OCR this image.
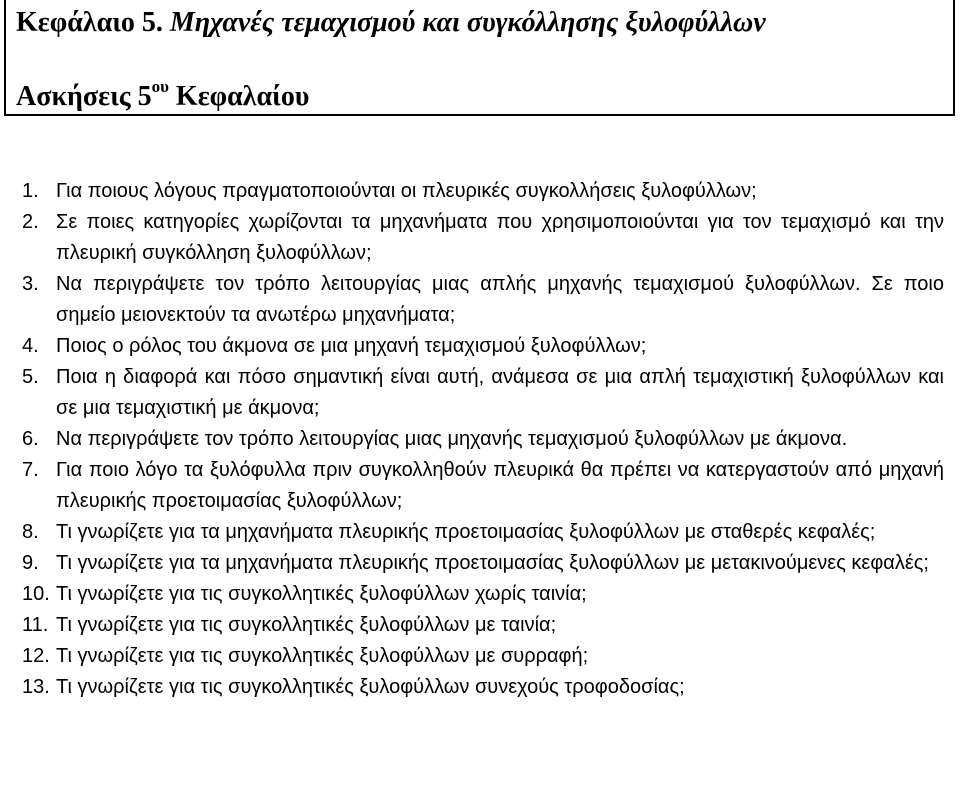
Κεφάλαιο 5. Μηχανές τεμαχισμού και συγκόλλησης ξυλοφύλλων
Ασκήσεις $5^{o\upsilon}$ Κεφαλαίου
1. Για ποιους λόγους πραγματοποιούνται οι πλευρικές συγκολλήσεις ξυλοφύλλων;
2. Σε ποιες κατηγορίες χωρίζονται τα μηχανήματα που χρησιμοποιούνται για τον τεμαχισμό και την πλευρική συγκόλληση ξυλοφύλλων;
3. Να περιγράψετε τον τρόπο λειτουργίας μιας απλής μηχανής τεμαχισμού ξυλοφύλλων. Σε ποιο σημείο μειονεκτούν τα ανωτέρω μηχανήματα;
4. Ποιος ο ρόλος του άκμονα σε μια μηχανή τεμαχισμού ξυλοφύλλων;
5. Ποια η διαφορά και πόσο σημαντική είναι αυτή, ανάμεσα σε μια απλή τεμαχιστική ξυλοφύλλων και σε μια τεμαχιστική με άκμονα;
6. Να περιγράψετε τον τρόπο λειτουργίας μιας μηχανής τεμαχισμού ξυλοφύλλων με άκμονα.
7. Για ποιο λόγο τα ξυλόφυλλα πριν συγκολληθούν πλευρικά θα πρέπει να κατεργαστούν από μηχανή πλευρικής προετοιμασίας ξυλοφύλλων;
8. Τι γνωρίζετε για τα μηχανήματα πλευρικής προετοιμασίας ξυλοφύλλων με σταθερές κεφαλές;
9. Τι γνωρίζετε για τα μηχανήματα πλευρικής προετοιμασίας ξυλοφύλλων με μετακινούμενες κεφαλές;
10. Τι γνωρίζετε για τις συγκολλητικές ξυλοφύλλων χωρίς ταινία;
11. Τι γνωρίζετε για τις συγκολλητικές ξυλοφύλλων με ταινία;
12. Τι γνωρίζετε για τις συγκολλητικές ξυλοφύλλων με συρραφή;
13. Τι γνωρίζετε για τις συγκολλητικές ξυλοφύλλων συνεχούς τροφοδοσίας;
